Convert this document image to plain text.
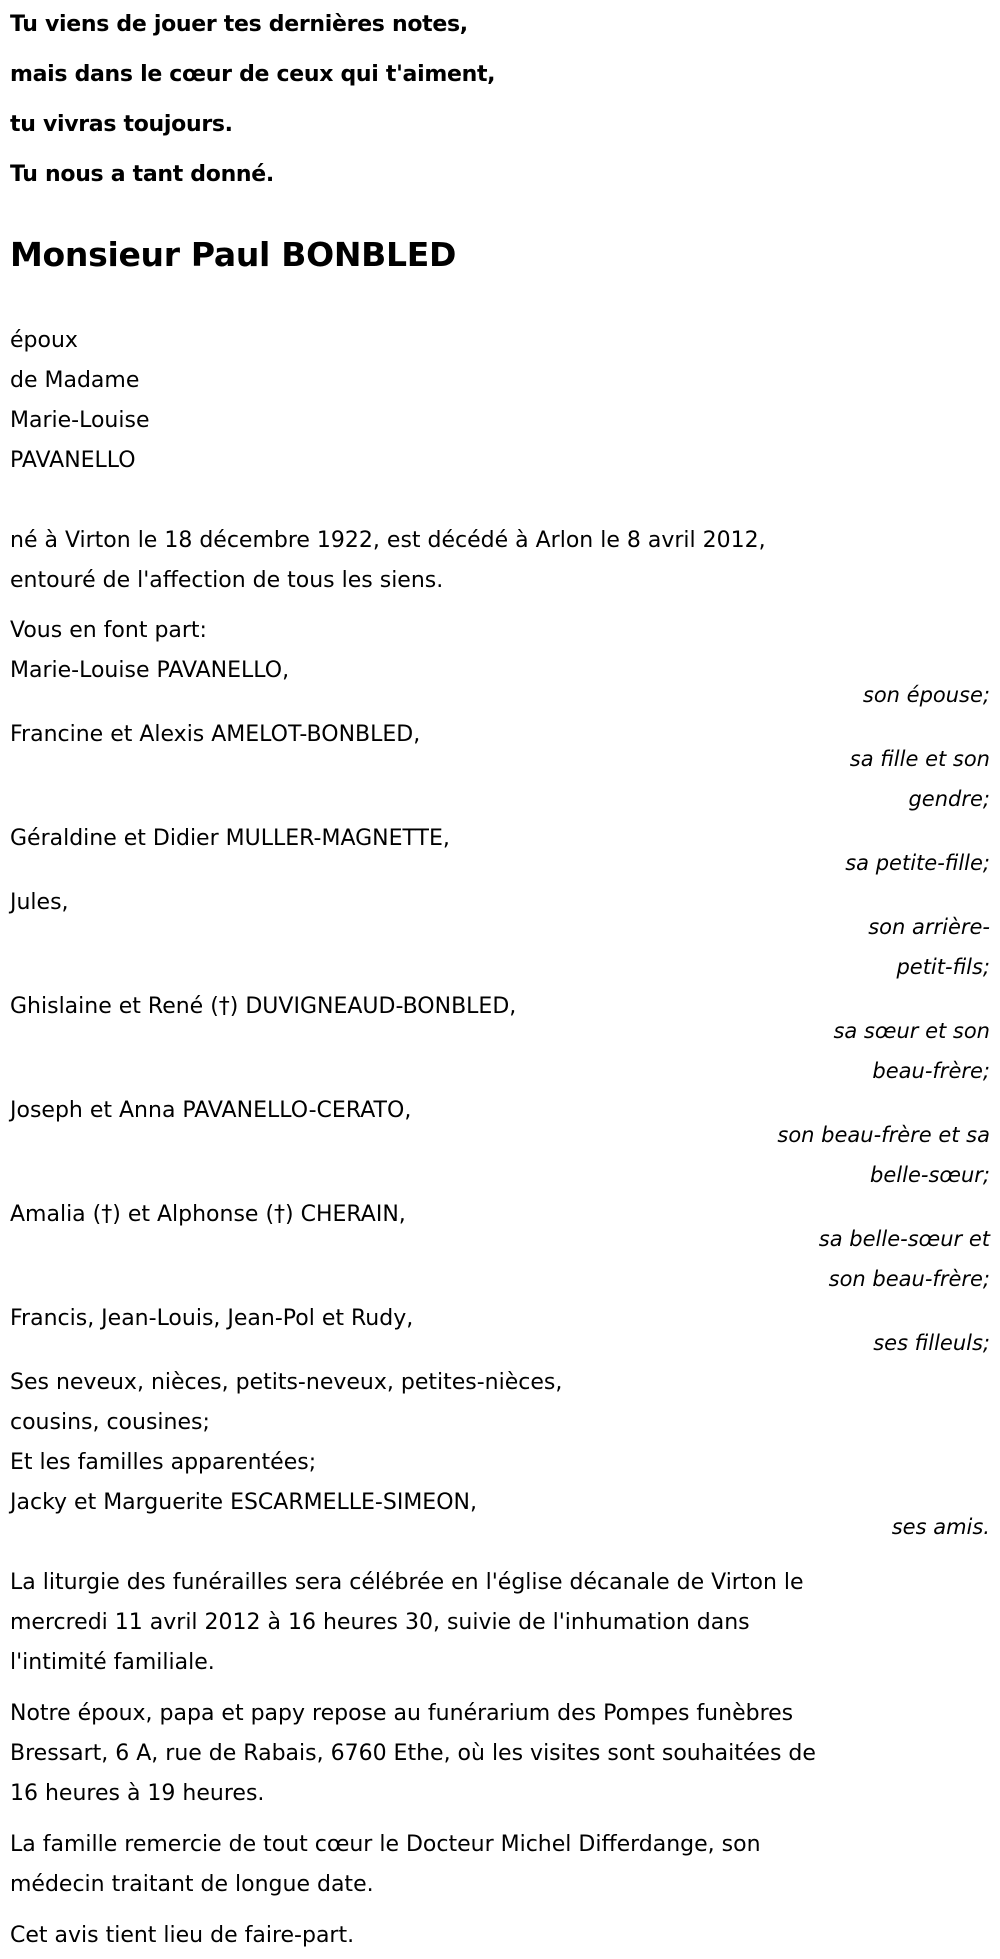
Tu viens de jouer tes dernières notes,
mais dans le cœur de ceux qui t'aiment,
tu vivras toujours.
Tu nous a tant donné.
Monsieur Paul BONBLED
époux
de Madame
Marie-Louise
PAVANELLO
né à Virton le 18 décembre 1922, est décédé à Arlon le 8 avril 2012,
entouré de l'affection de tous les siens.
Vous en font part:
Marie-Louise PAVANELLO,
son épouse;
Francine et Alexis AMELOT-BONBLED,
sa fille et son
gendre;
Géraldine et Didier MULLER-MAGNETTE,
sa petite-fille;
Jules,
son arrière-
petit-fils;
Ghislaine et René (†) DUVIGNEAUD-BONBLED,
sa sœur et son
beau-frère;
Joseph et Anna PAVANELLO-CERATO,
son beau-frère et sa
belle-sœur;
Amalia (†) et Alphonse (†) CHERAIN,
sa belle-sœur et
son beau-frère;
Francis, Jean-Louis, Jean-Pol et Rudy,
ses filleuls;
Ses neveux, nièces, petits-neveux, petites-nièces,
cousins, cousines;
Et les familles apparentées;
Jacky et Marguerite ESCARMELLE-SIMEON,
ses amis.
La liturgie des funérailles sera célébrée en l'église décanale de Virton le
mercredi 11 avril 2012 à 16 heures 30, suivie de l'inhumation dans
l'intimité familiale.
Notre époux, papa et papy repose au funérarium des Pompes funèbres
Bressart, 6 A, rue de Rabais, 6760 Ethe, où les visites sont souhaitées de
16 heures à 19 heures.
La famille remercie de tout cœur le Docteur Michel Differdange, son
médecin traitant de longue date.
Cet avis tient lieu de faire-part.
